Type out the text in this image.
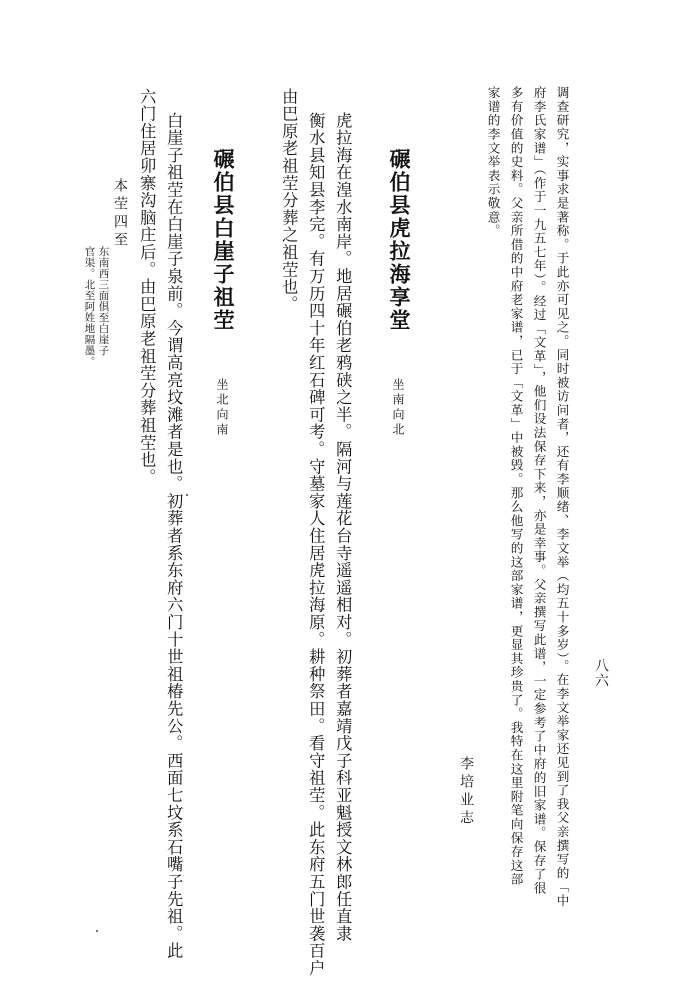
八六
调查研究，实事求是著称。于此亦可见之。同时被访问者，还有李顺绪、李文举（均五十多岁）。在李文举家还见到了我父亲撰写的「中
府李氏家谱」（作于一九五七年）。经过「文革」，他们设法保存下来，亦是幸事。父亲撰写此谱，一定参考了中府的旧家谱。保存了很
多有价值的史料。父亲所借的中府老家谱，已于「文革」中被毁。那么他写的这部家谱，更显其珍贵了。我特在这里附笔向保存这部
家谱的李文举表示敬意。
李培业志
碾伯县虎拉海享堂
坐南向北
虎拉海在湟水南岸。地居碾伯老鸦硖之半。隔河与莲花台寺遥遥相对。初葬者嘉靖戊子科亚魁授文林郎任直隶
衡水县知县李完。有万历四十年红石碑可考。守墓家人住居虎拉海原。耕种祭田。看守祖茔。此东府五门世袭百户
由巴原老祖茔分葬之祖茔也。
碾伯县白崖子祖茔
坐北向南
白崖子祖茔在白崖子泉前。今谓高亮坟滩者是也。初葬者系东府六门十世祖椿先公。西面七坟系石嘴子先祖。此
六门住居卯寨沟脑庄后。由巴原老祖茔分葬祖茔也。
本茔四至
东南西三面俱至白崖子
官渠。北至阿姓地隔墨。
